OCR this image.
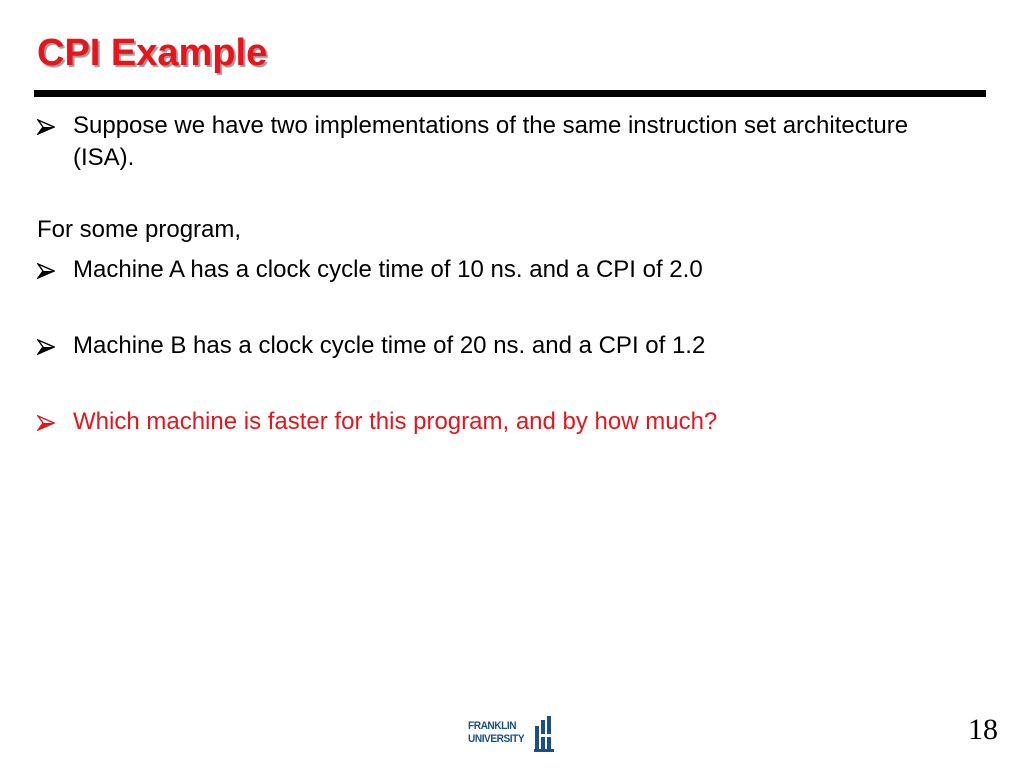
CPI Example

Suppose we have two implementations of the same instruction set architecture (ISA).

For some program,

Machine A has a clock cycle time of 10 ns. and a CPI of 2.0

Machine B has a clock cycle time of 20 ns. and a CPI of 1.2

Which machine is faster for this program, and by how much?

FRANKLIN
UNIVERSITY	18
